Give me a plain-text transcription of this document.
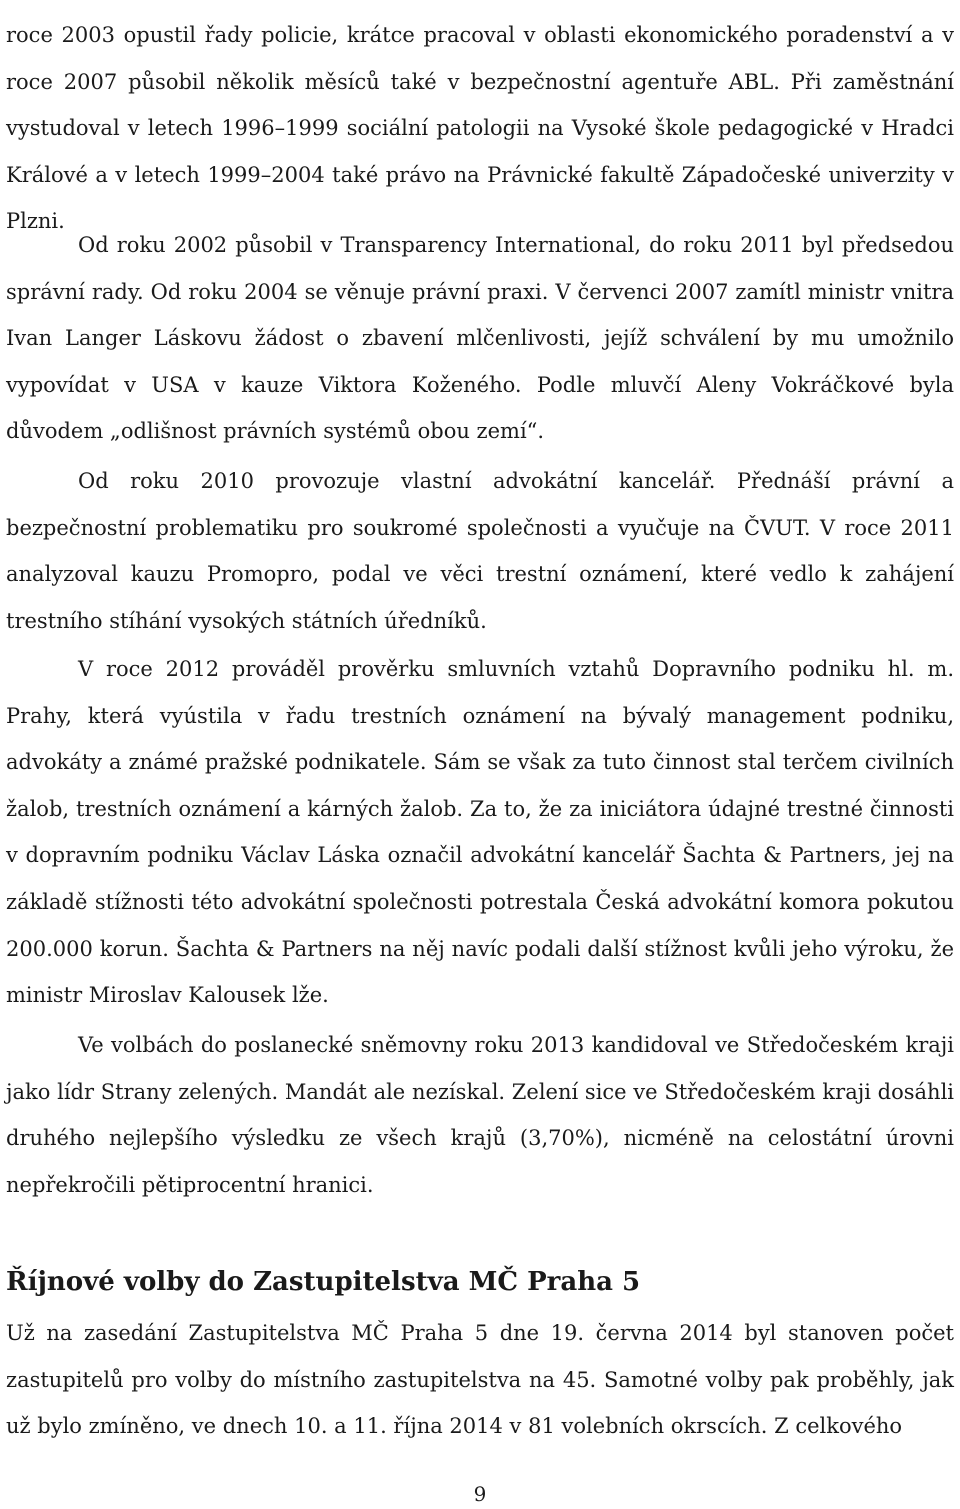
roce 2003 opustil řady policie, krátce pracoval v oblasti ekonomického poradenství a v roce 2007 působil několik měsíců také v bezpečnostní agentuře ABL. Při zaměstnání vystudoval v letech 1996–1999 sociální patologii na Vysoké škole pedagogické v Hradci Králové a v letech 1999–2004 také právo na Právnické fakultě Západočeské univerzity v Plzni.

Od roku 2002 působil v Transparency International, do roku 2011 byl předsedou správní rady. Od roku 2004 se věnuje právní praxi. V červenci 2007 zamítl ministr vnitra Ivan Langer Láskovu žádost o zbavení mlčenlivosti, jejíž schválení by mu umožnilo vypovídat v USA v kauze Viktora Koženého. Podle mluvčí Aleny Vokráčkové byla důvodem „odlišnost právních systémů obou zemí“.

Od roku 2010 provozuje vlastní advokátní kancelář. Přednáší právní a bezpečnostní problematiku pro soukromé společnosti a vyučuje na ČVUT. V roce 2011 analyzoval kauzu Promopro, podal ve věci trestní oznámení, které vedlo k zahájení trestního stíhání vysokých státních úředníků.

V roce 2012 prováděl prověrku smluvních vztahů Dopravního podniku hl. m. Prahy, která vyústila v řadu trestních oznámení na bývalý management podniku, advokáty a známé pražské podnikatele. Sám se však za tuto činnost stal terčem civilních žalob, trestních oznámení a kárných žalob. Za to, že za iniciátora údajné trestné činnosti v dopravním podniku Václav Láska označil advokátní kancelář Šachta & Partners, jej na základě stížnosti této advokátní společnosti potrestala Česká advokátní komora pokutou 200.000 korun. Šachta & Partners na něj navíc podali další stížnost kvůli jeho výroku, že ministr Miroslav Kalousek lže.

Ve volbách do poslanecké sněmovny roku 2013 kandidoval ve Středočeském kraji jako lídr Strany zelených. Mandát ale nezískal. Zelení sice ve Středočeském kraji dosáhli druhého nejlepšího výsledku ze všech krajů (3,70%), nicméně na celostátní úrovni nepřekročili pětiprocentní hranici.

Říjnové volby do Zastupitelstva MČ Praha 5

Už na zasedání Zastupitelstva MČ Praha 5 dne 19. června 2014 byl stanoven počet zastupitelů pro volby do místního zastupitelstva na 45. Samotné volby pak proběhly, jak už bylo zmíněno, ve dnech 10. a 11. října 2014 v 81 volebních okrscích. Z celkového

9
